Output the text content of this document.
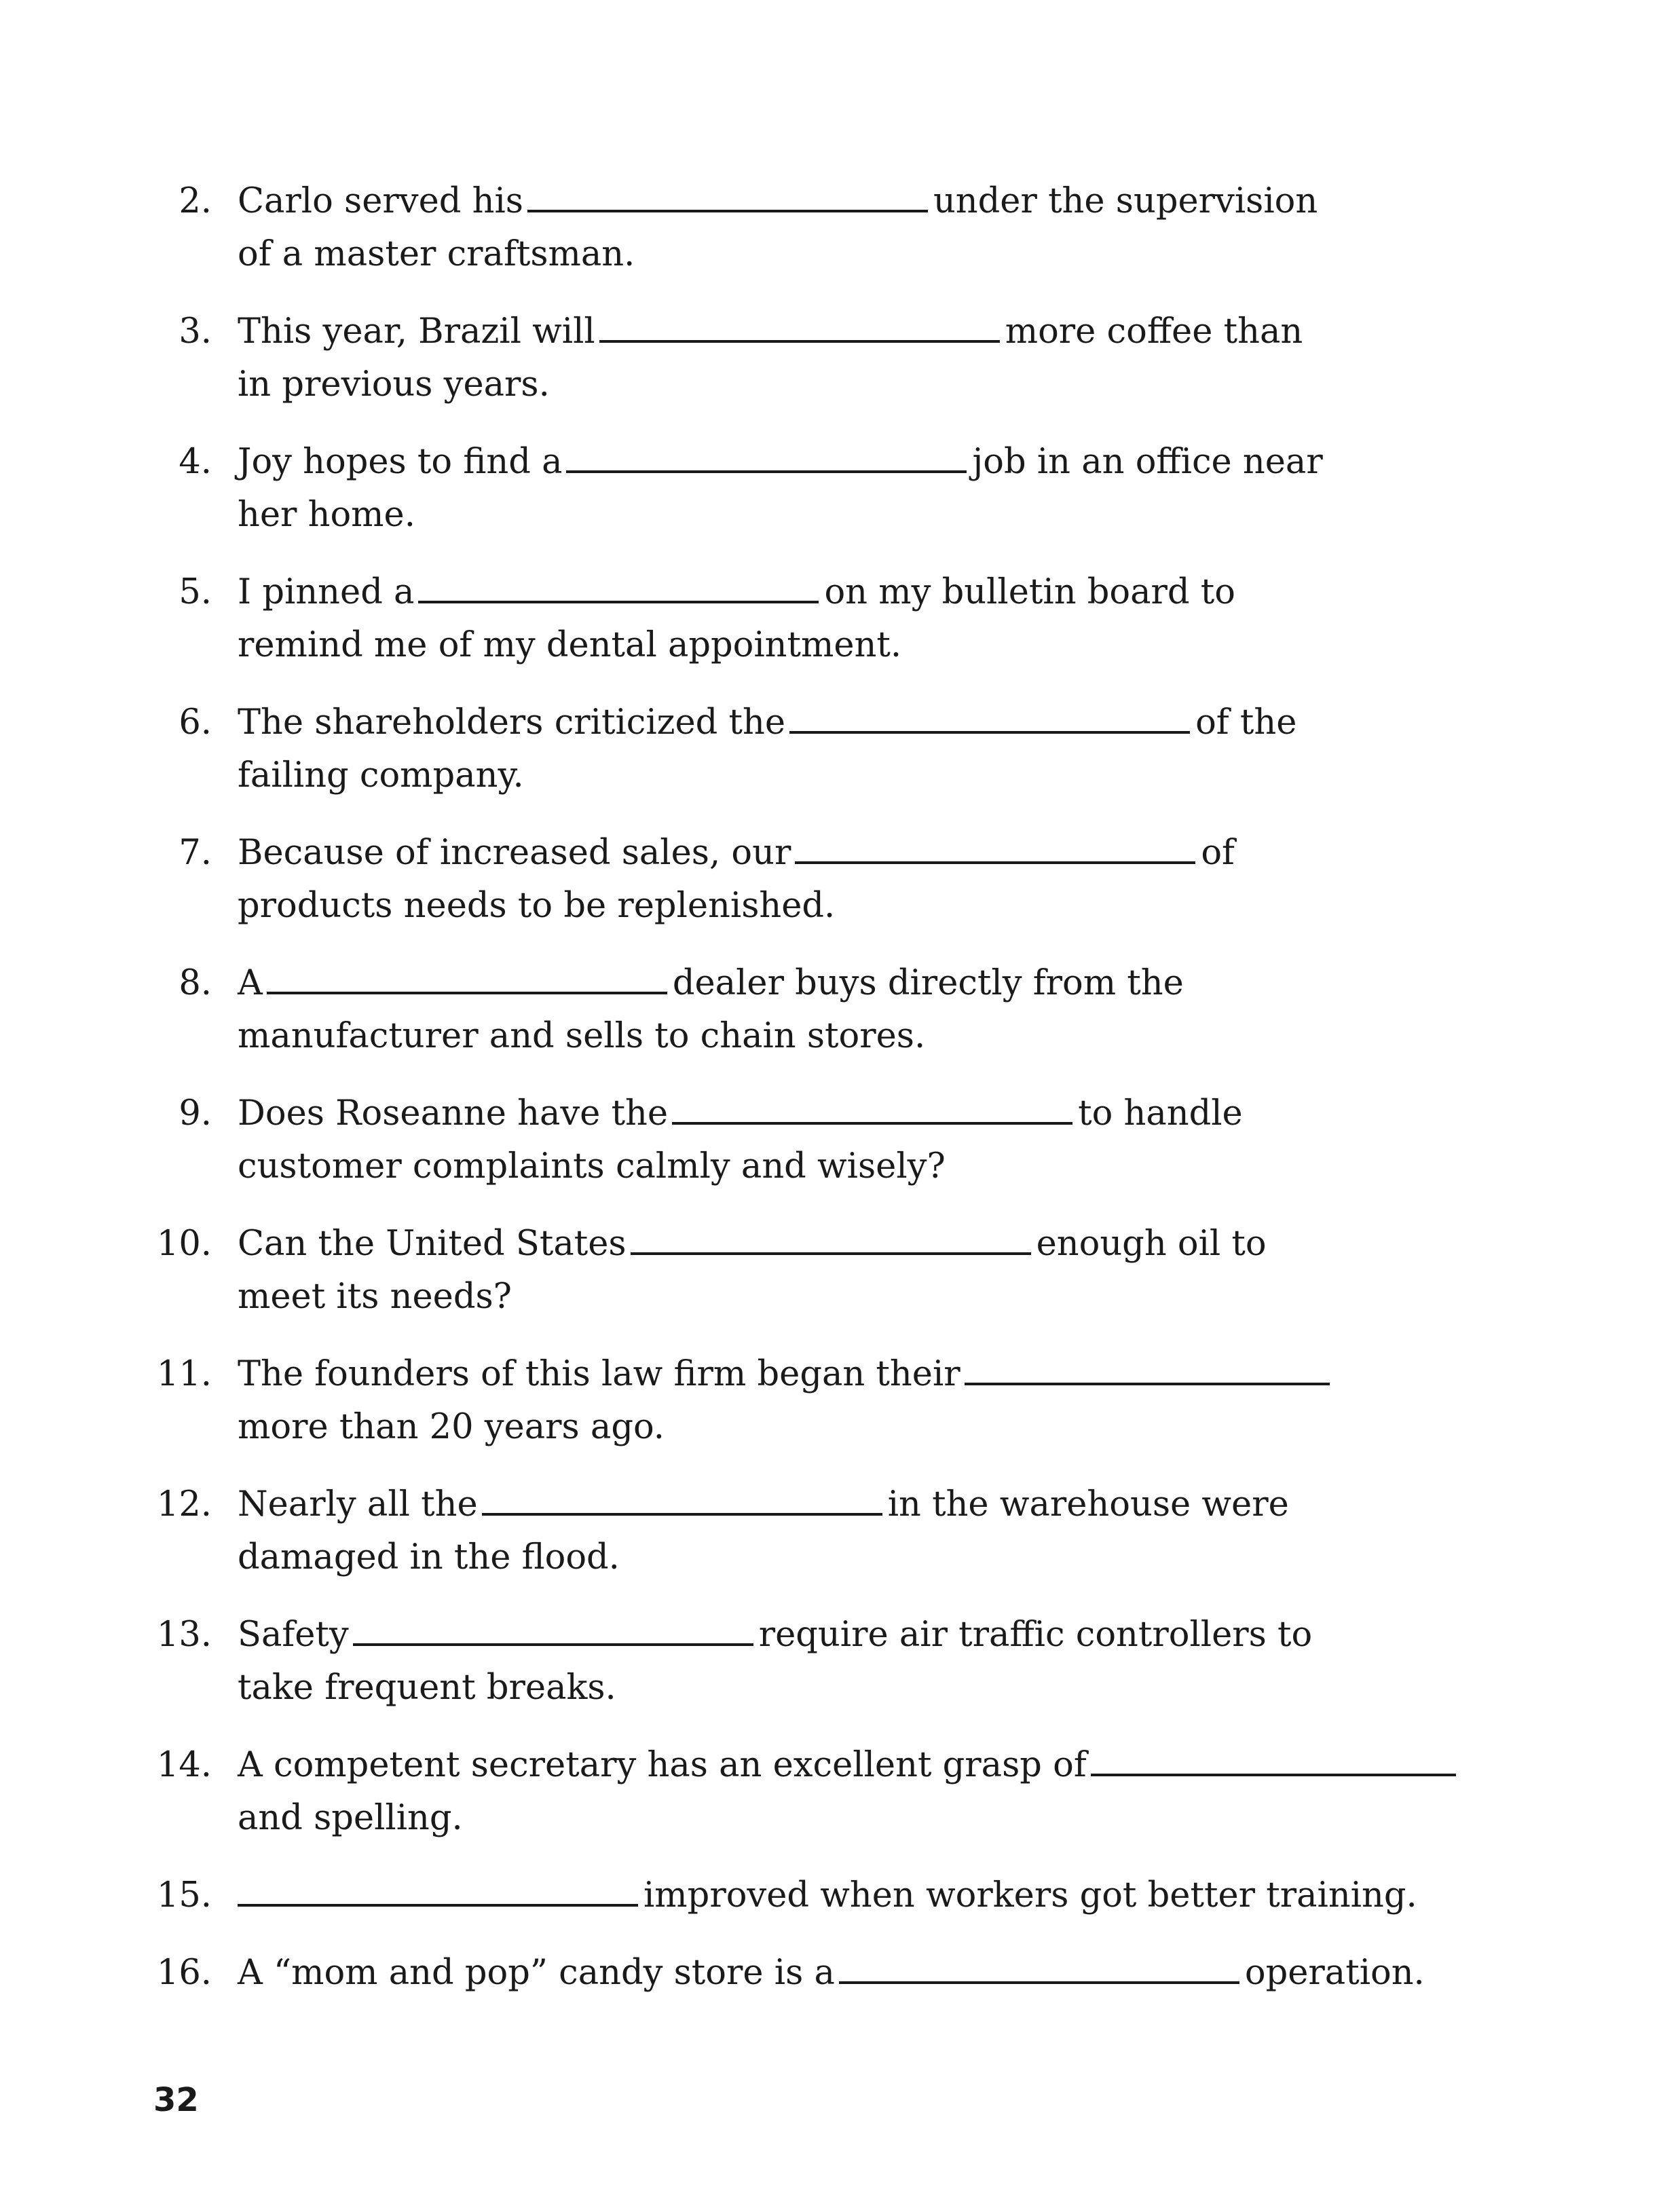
2. Carlo served his	under the supervision
of a master craftsman.
3. This year, Brazil will	more coffee than
in previous years.
4. Joy hopes to find a	job in an office near
her home.
5. I pinned a	on my bulletin board to
remind me of my dental appointment.
6. The shareholders criticized the	of the
failing company.
7. Because of increased sales, our	of
products needs to be replenished.
8. A	dealer buys directly from the
manufacturer and sells to chain stores.
9. Does Roseanne have the	to handle
customer complaints calmly and wisely?
10. Can the United States	enough oil to
meet its needs?
11. The founders of this law firm began their
more than 20 years ago.
12. Nearly all the	in the warehouse were
damaged in the flood.
13. Safety	require air traffic controllers to
take frequent breaks.
14. A competent secretary has an excellent grasp of
and spelling.
15.	improved when workers got better training.
16. A “mom and pop” candy store is a	operation.
32
